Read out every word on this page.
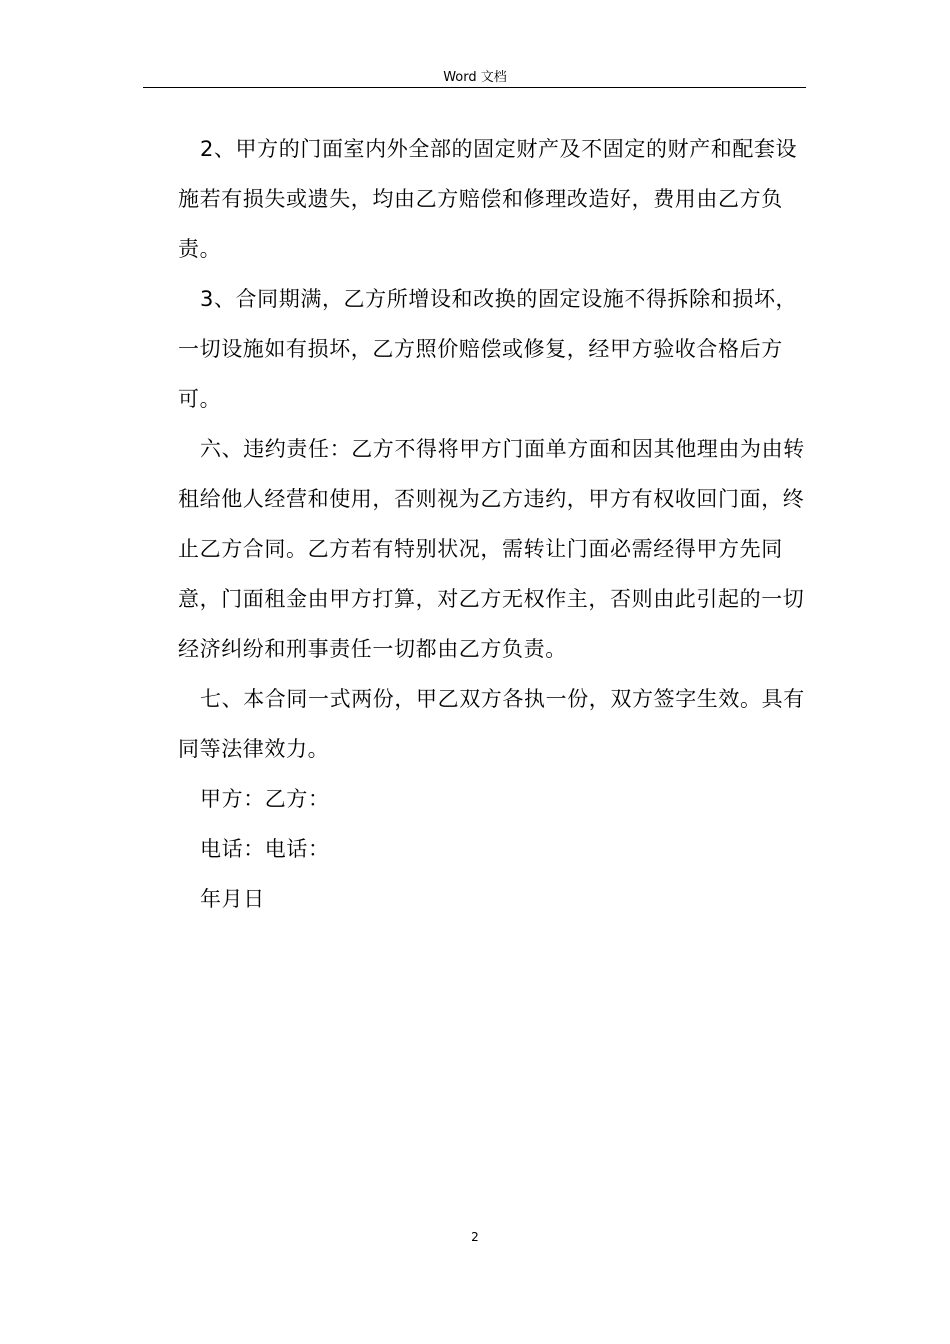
Word 文档

2、甲方的门面室内外全部的固定财产及不固定的财产和配套设施若有损失或遗失，均由乙方赔偿和修理改造好，费用由乙方负责。

3、合同期满，乙方所增设和改换的固定设施不得拆除和损坏，一切设施如有损坏，乙方照价赔偿或修复，经甲方验收合格后方可。

六、违约责任：乙方不得将甲方门面单方面和因其他理由为由转租给他人经营和使用，否则视为乙方违约，甲方有权收回门面，终止乙方合同。乙方若有特别状况，需转让门面必需经得甲方先同意，门面租金由甲方打算，对乙方无权作主，否则由此引起的一切经济纠纷和刑事责任一切都由乙方负责。

七、本合同一式两份，甲乙双方各执一份，双方签字生效。具有同等法律效力。

甲方：乙方：

电话：电话：

年月日

2
